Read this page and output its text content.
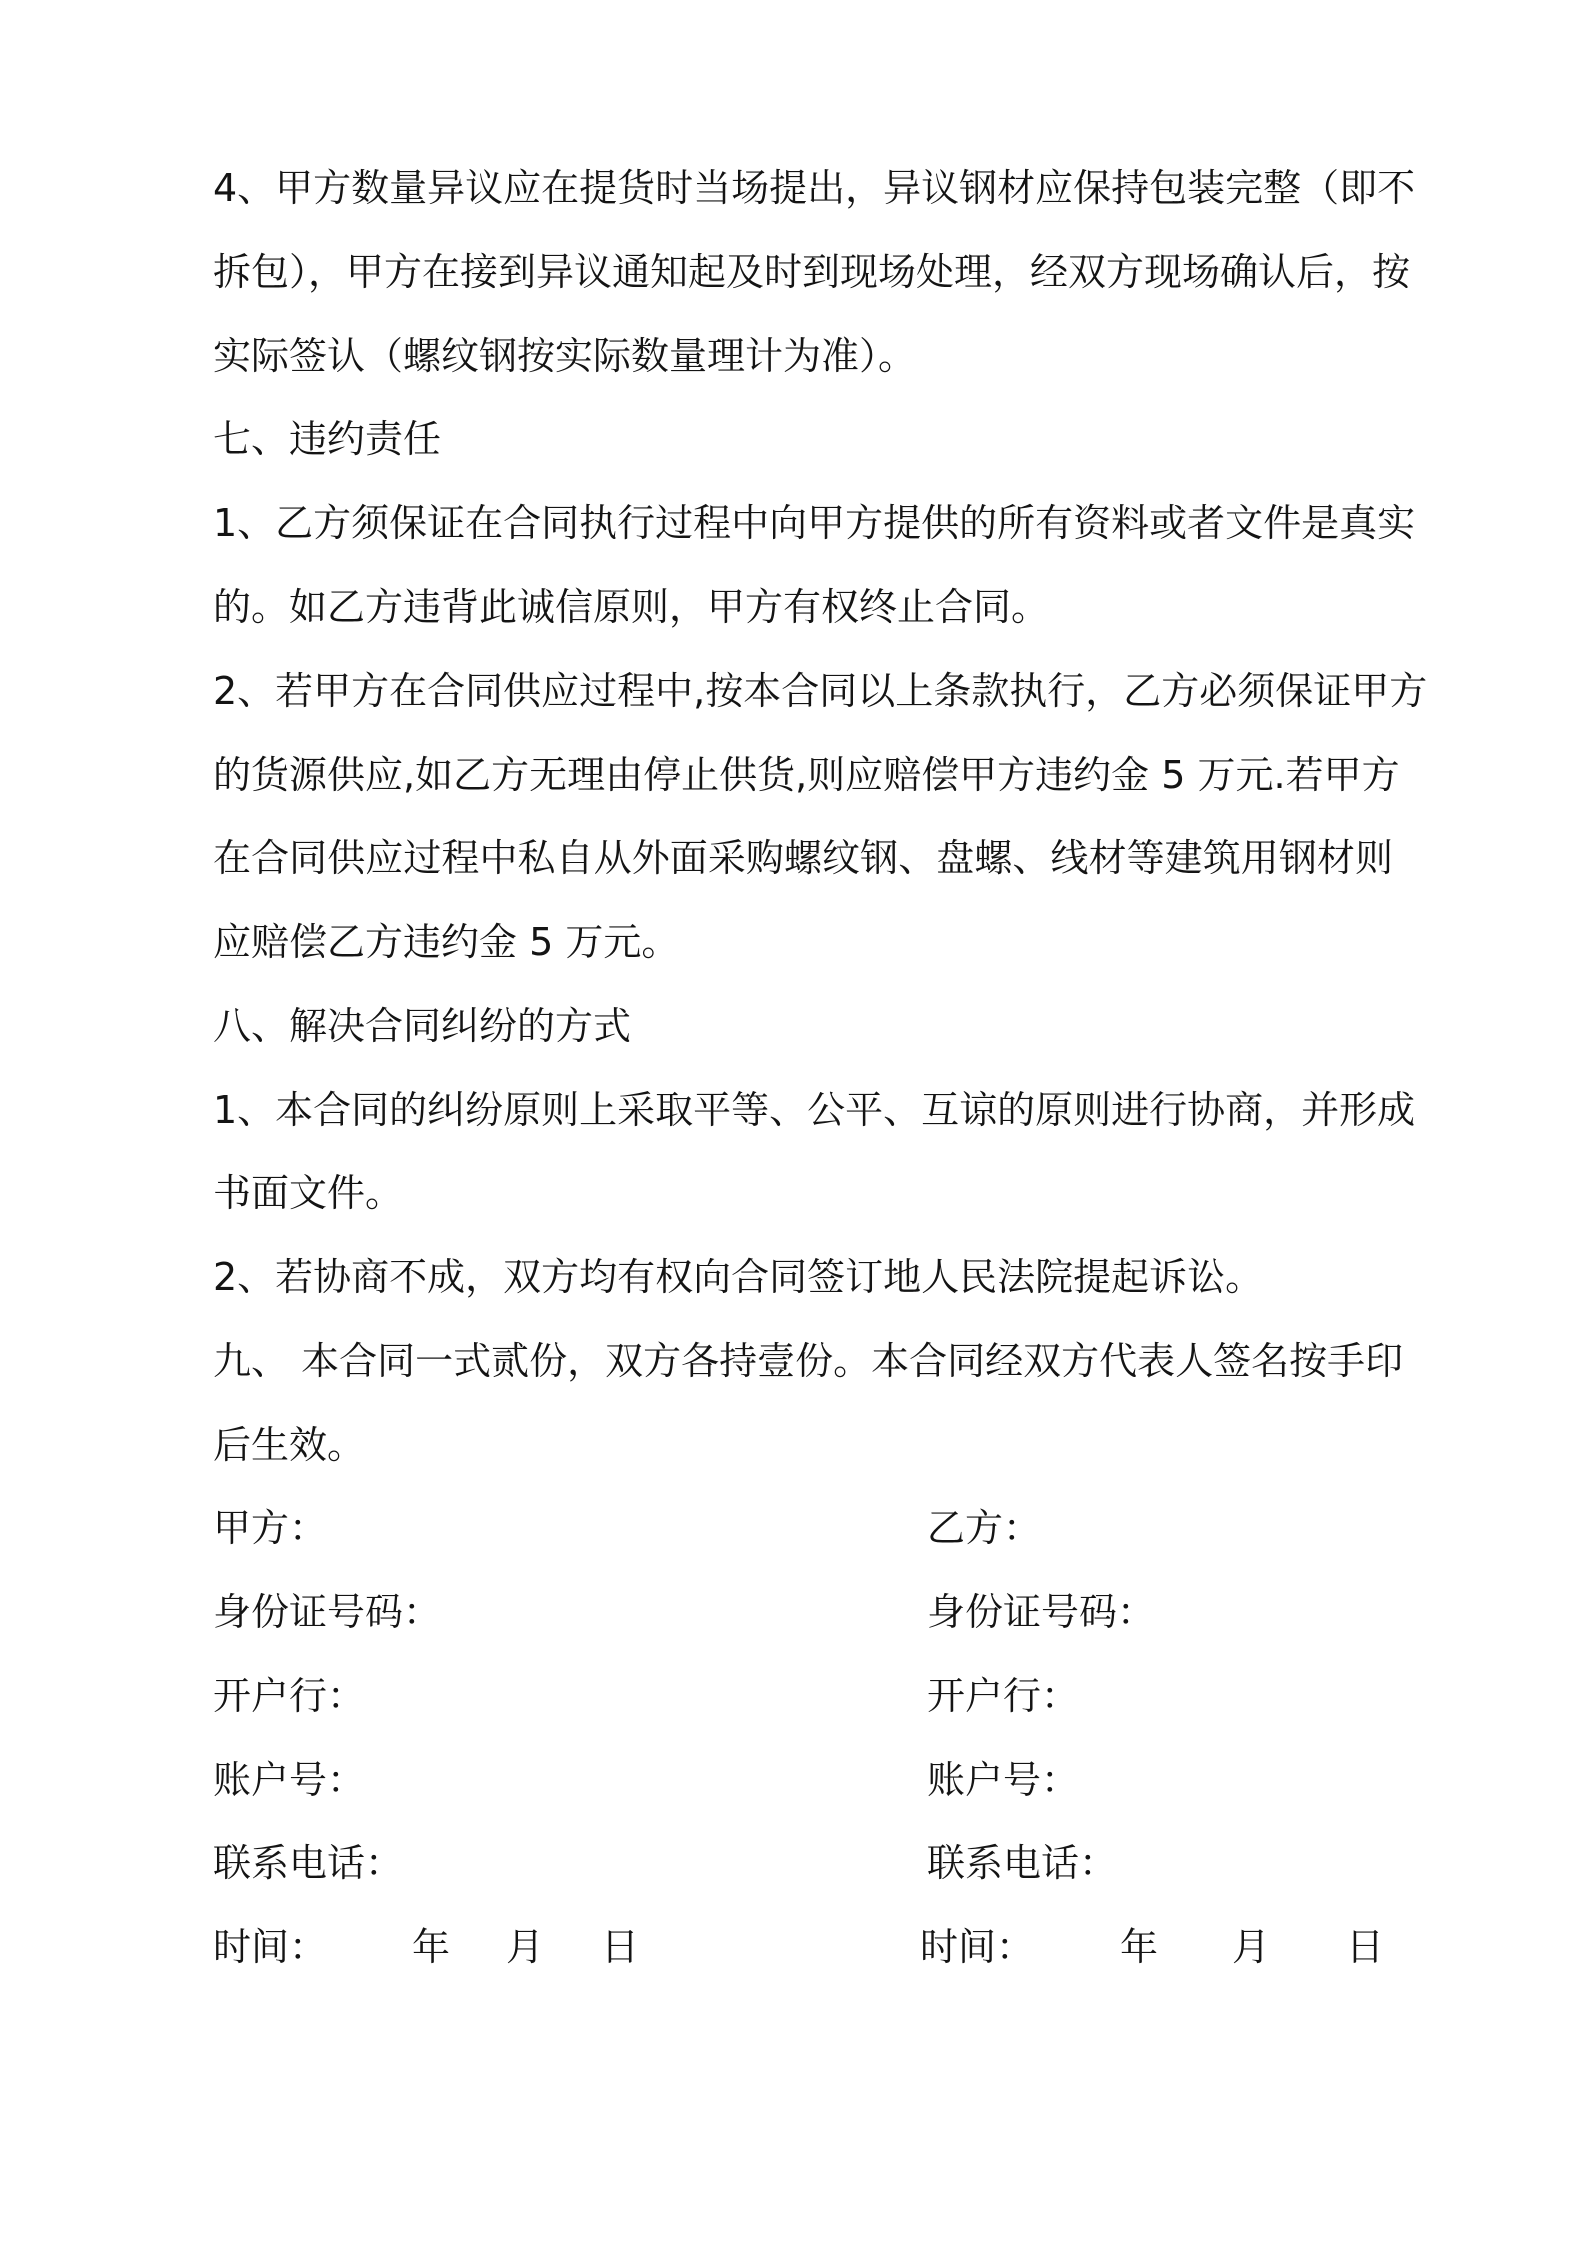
4、甲方数量异议应在提货时当场提出，异议钢材应保持包装完整（即不
拆包），甲方在接到异议通知起及时到现场处理，经双方现场确认后，按
实际签认（螺纹钢按实际数量理计为准）。
七、违约责任
1、乙方须保证在合同执行过程中向甲方提供的所有资料或者文件是真实
的。如乙方违背此诚信原则，甲方有权终止合同。
2、若甲方在合同供应过程中,按本合同以上条款执行，乙方必须保证甲方
的货源供应,如乙方无理由停止供货,则应赔偿甲方违约金 5 万元.若甲方
在合同供应过程中私自从外面采购螺纹钢、盘螺、线材等建筑用钢材则
应赔偿乙方违约金 5 万元。
八、解决合同纠纷的方式
1、本合同的纠纷原则上采取平等、公平、互谅的原则进行协商，并形成
书面文件。
2、若协商不成，双方均有权向合同签订地人民法院提起诉讼。
九、 本合同一式贰份，双方各持壹份。本合同经双方代表人签名按手印
后生效。
甲方：
身份证号码：
开户行：
账户号：
联系电话：
时间： 年 月 日
乙方：
身份证号码：
开户行：
账户号：
联系电话：
时间： 年 月 日
